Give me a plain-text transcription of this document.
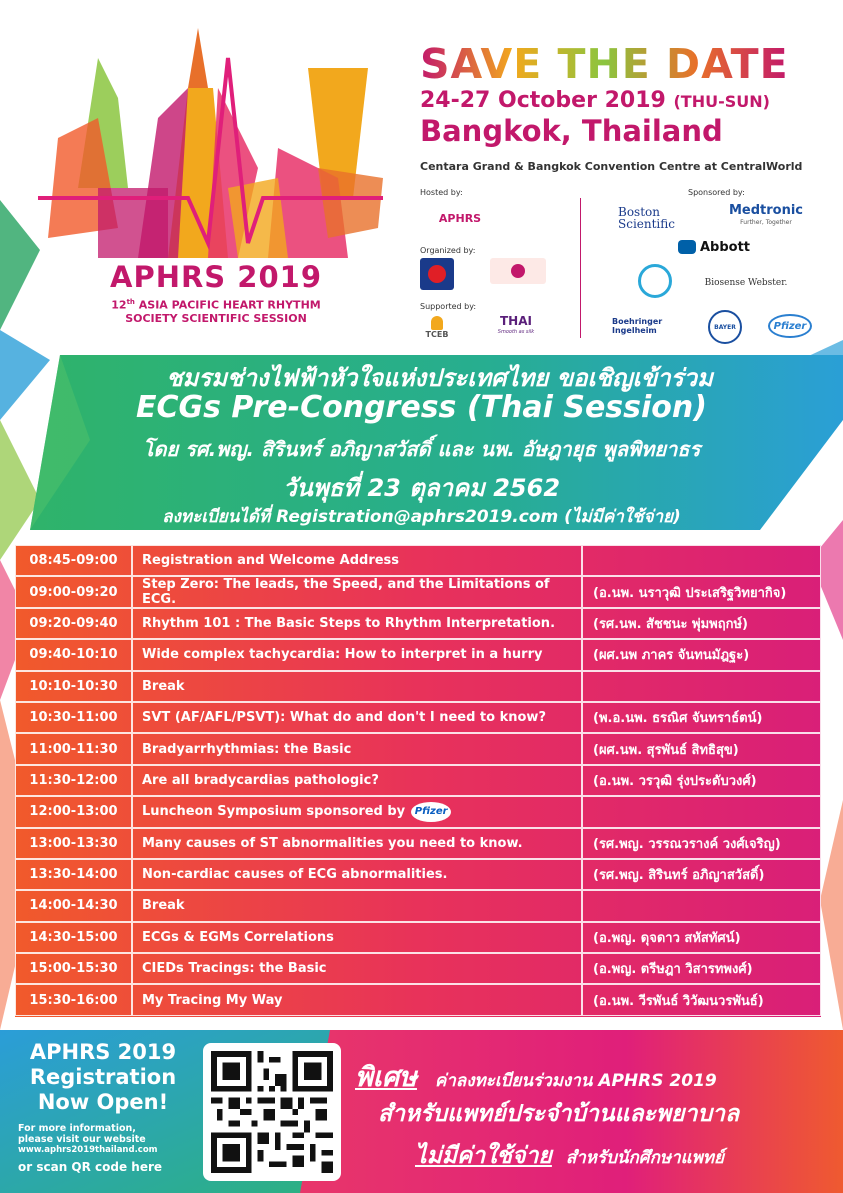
APHRS 2019
12th ASIA PACIFIC HEART RHYTHM
SOCIETY SCIENTIFIC SESSION
SAVE THE DATE
24-27 October 2019 (THU-SUN)
Bangkok, Thailand
Centara Grand & Bangkok Convention Centre at CentralWorld
Hosted by:
APHRS
Organized by:
Supported by:
TCEB
THAI
Smooth as silk
Sponsored by:
Boston Scientific
Medtronic
Further, Together
Abbott
Biosense Webster.
Boehringer Ingelheim	BAYER	Pfizer
ชมรมช่างไฟฟ้าหัวใจแห่งประเทศไทย ขอเชิญเข้าร่วม
ECGs Pre-Congress (Thai Session)
โดย รศ.พญ. สิรินทร์ อภิญาสวัสดิ์ และ นพ. อัษฎายุธ พูลพิทยาธร
วันพุธที่ 23 ตุลาคม 2562
ลงทะเบียนได้ที่ Registration@aphrs2019.com (ไม่มีค่าใช้จ่าย)
08:45-09:00	Registration and Welcome Address
09:00-09:20	Step Zero: The leads, the Speed, and the Limitations of ECG.	(อ.นพ. นราวุฒิ ประเสริฐวิทยากิจ)
09:20-09:40	Rhythm 101 : The Basic Steps to Rhythm Interpretation.	(รศ.นพ. สัชชนะ พุ่มพฤกษ์)
09:40-10:10	Wide complex tachycardia: How to interpret in a hurry	(ผศ.นพ ภาคร จันทนมัฎฐะ)
10:10-10:30	Break
10:30-11:00	SVT (AF/AFL/PSVT): What do and don't I need to know?	(พ.อ.นพ. ธรณิศ จันทราธ์ตน์)
11:00-11:30	Bradyarrhythmias: the Basic	(ผศ.นพ. สุรพันธ์ สิทธิสุข)
11:30-12:00	Are all bradycardias pathologic?	(อ.นพ. วรวุฒิ รุ่งประดับวงศ์)
12:00-13:00	Luncheon Symposium sponsored by Pfizer
13:00-13:30	Many causes of ST abnormalities you need to know.	(รศ.พญ. วรรณวรางค์ วงศ์เจริญ)
13:30-14:00	Non-cardiac causes of ECG abnormalities.	(รศ.พญ. สิรินทร์ อภิญาสวัสดิ์)
14:00-14:30	Break
14:30-15:00	ECGs & EGMs Correlations	(อ.พญ. ดุจดาว สหัสทัศน์)
15:00-15:30	CIEDs Tracings: the Basic	(อ.พญ. ตรีษฎา วิสารทพงศ์)
15:30-16:00	My Tracing My Way	(อ.นพ. วีรพันธ์ วิวัฒนวรพันธ์)
APHRS 2019
Registration
Now Open!
For more information,
please visit our website
www.aphrs2019thailand.com
or scan QR code here
พิเศษ ค่าลงทะเบียนร่วมงาน APHRS 2019
สำหรับแพทย์ประจำบ้านและพยาบาล
ไม่มีค่าใช้จ่าย สำหรับนักศึกษาแพทย์
